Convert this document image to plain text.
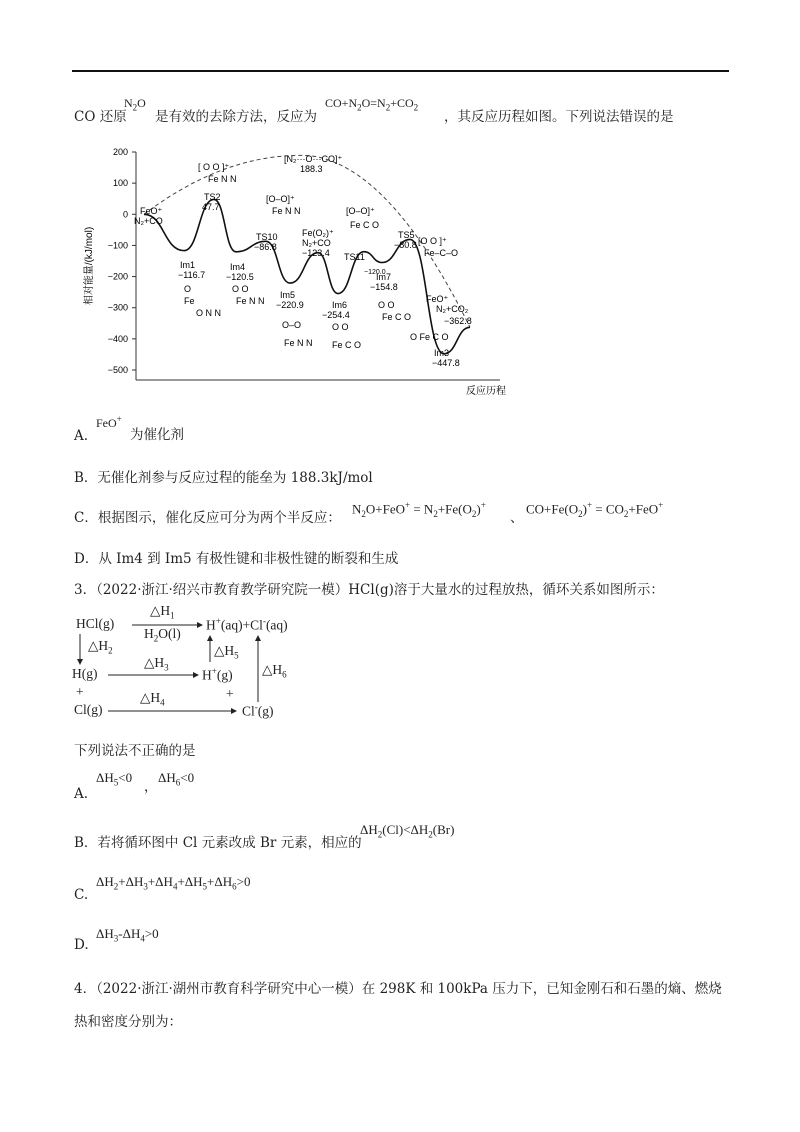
CO 还原
$N_2O$
是有效的去除方法，反应为
$CO+N_2O=N_2+CO_2$
，其反应历程如图。下列说法错误的是
200
100
0
−100
−200
−300
−400
−500
相对能量/(kJ/mol)
反应历程
FeO⁺
N₂+CO
Im1
−116.7
TS2
47.7
Im4
−120.5
TS10
−86.8
Im5
−220.9
Fe(O₂)⁺
N₂+CO
−123.4
Im6
−254.4
TS11
−120.0
Im7
−154.8
TS5
−80.8
FeO⁺
N₂+CO₂
−362.8
Im3
−447.8
[N₂···O···CO]⁺
188.3
[ O O ]⁺
Fe N N
[O–O]⁺
Fe N N	[O–O]⁺
Fe C O
[O O ]⁺
Fe–C–O
O
Fe
O N N
O O
Fe N N
O–O
Fe N N
O O
Fe C O
O O
Fe C O
O Fe C O
A.
FeO+
为催化剂
B．无催化剂参与反应过程的能垒为 188.3kJ/mol
C．根据图示，催化反应可分为两个半反应：
$N_2O+FeO^+ = N_2+Fe(O_2)^+$
、
$CO+Fe(O_2)^+ = CO_2+FeO^+$
D．从 Im4 到 Im5 有极性键和非极性键的断裂和生成
3．（2022·浙江·绍兴市教育教学研究院一模）HCl(g)溶于大量水的过程放热，循环关系如图所示：
HCl(g)
$\triangle H_1$
$H_2O(l)$
H+(aq)+Cl-(aq)
$\triangle H_2$
H(g)
$\triangle H_3$ H+(g)
$\triangle H_5$
$\triangle H_6$
+	+
Cl(g)
$\triangle H_4$
Cl-(g)
下列说法不正确的是
A.
$\Delta H_5<0$
，
$\Delta H_6<0$
B．若将循环图中 Cl 元素改成 Br 元素，相应的
$\Delta H_2(Cl)<\Delta H_2(Br)$
C.
$\Delta H_2+\Delta H_3+\Delta H_4+\Delta H_5+\Delta H_6>0$
D.
$\Delta H_3-\Delta H_4>0$
4．（2022·浙江·湖州市教育科学研究中心一模）在 298K 和 100kPa 压力下，已知金刚石和石墨的熵、燃烧
热和密度分别为：
